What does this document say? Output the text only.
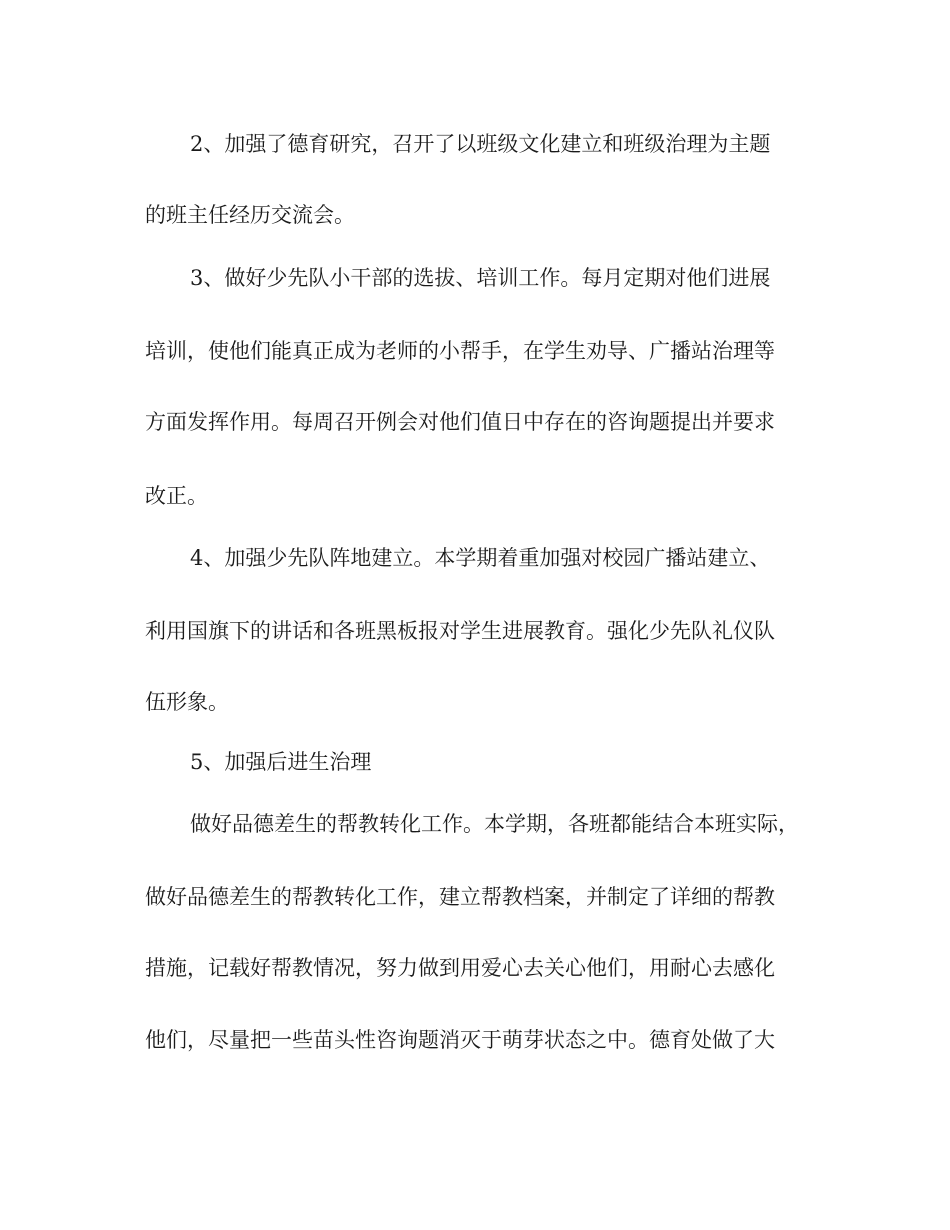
2、加强了德育研究，召开了以班级文化建立和班级治理为主题
的班主任经历交流会。
3、做好少先队小干部的选拔、培训工作。每月定期对他们进展
培训，使他们能真正成为老师的小帮手，在学生劝导、广播站治理等
方面发挥作用。每周召开例会对他们值日中存在的咨询题提出并要求
改正。
4、加强少先队阵地建立。本学期着重加强对校园广播站建立、
利用国旗下的讲话和各班黑板报对学生进展教育。强化少先队礼仪队
伍形象。
5、加强后进生治理
做好品德差生的帮教转化工作。本学期，各班都能结合本班实际，
做好品德差生的帮教转化工作，建立帮教档案，并制定了详细的帮教
措施，记载好帮教情况，努力做到用爱心去关心他们，用耐心去感化
他们，尽量把一些苗头性咨询题消灭于萌芽状态之中。德育处做了大
